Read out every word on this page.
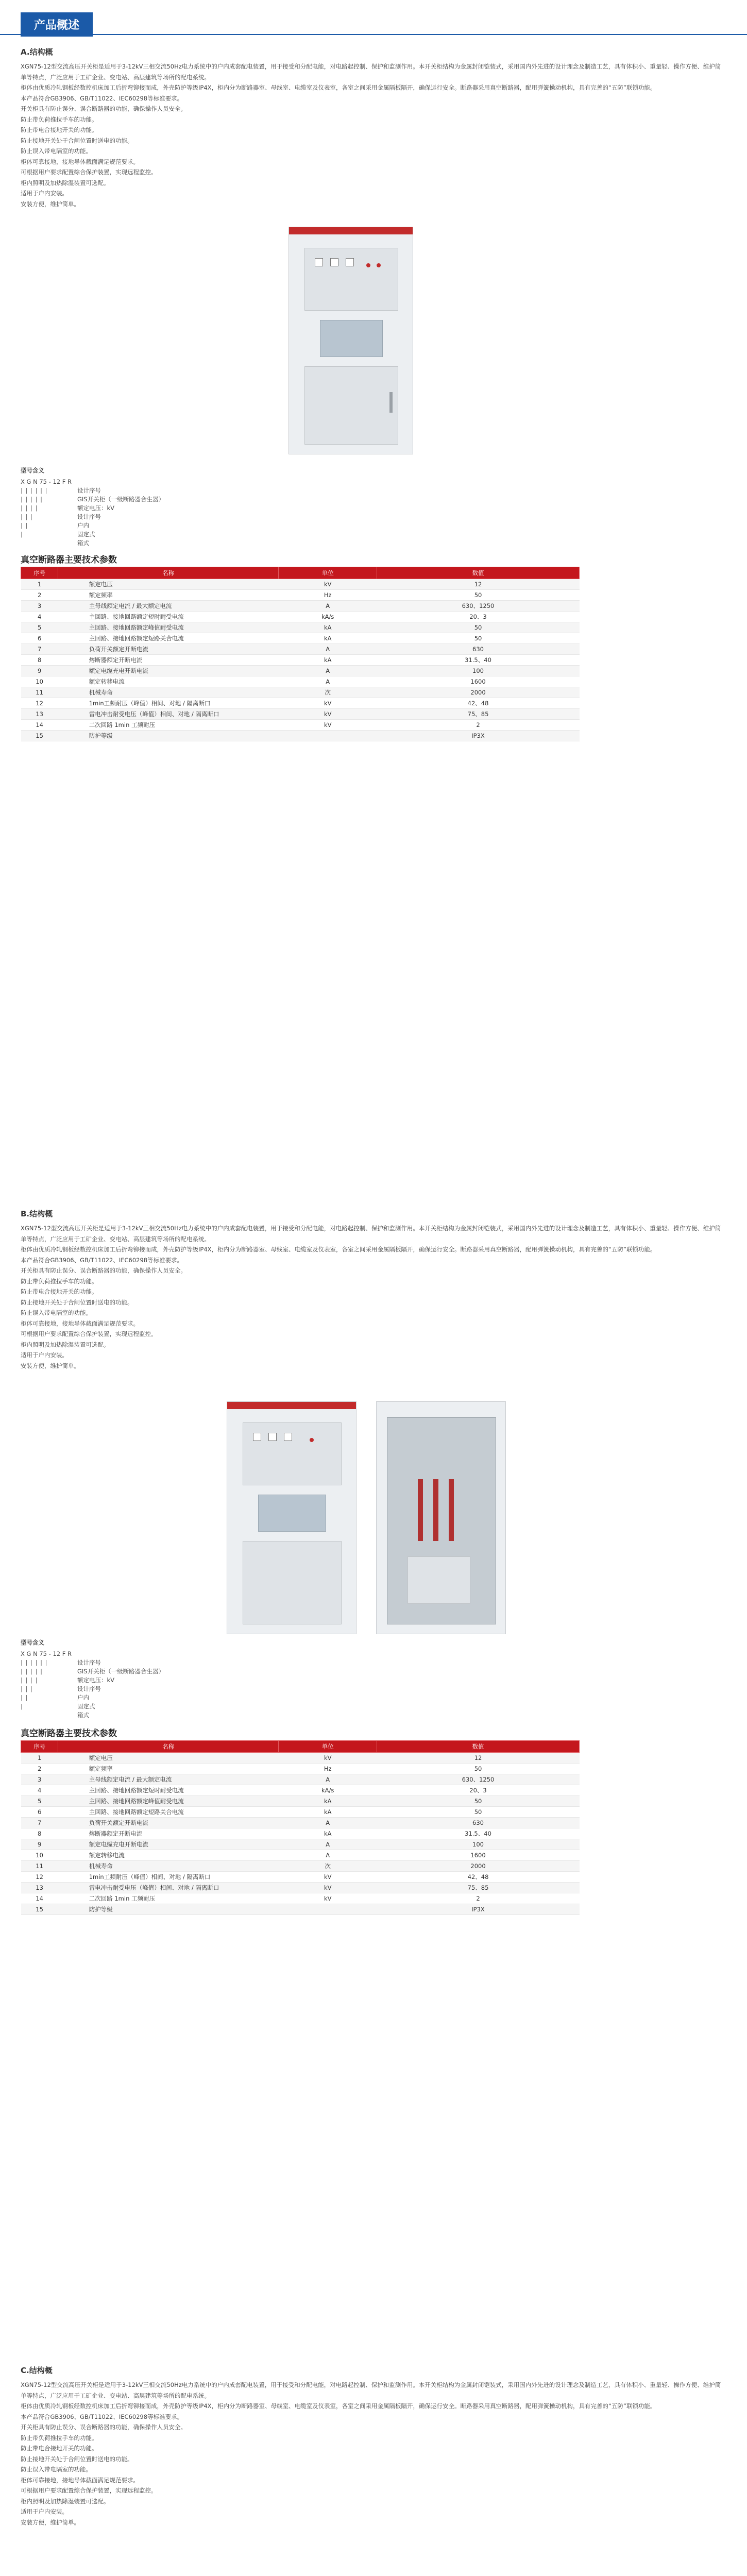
产品概述
A.结构概

XGN75-12型交流高压开关柜是适用于3-12kV三相交流50Hz电力系统中的户内成套配电装置，用于接受和分配电能，对电路起控制、保护和监测作用。本开关柜结构为金属封闭铠装式，采用国内外先进的设计理念及制造工艺，具有体积小、重量轻、操作方便、维护简单等特点，广泛应用于工矿企业、变电站、高层建筑等场所的配电系统。

柜体由优质冷轧钢板经数控机床加工后折弯铆接而成，外壳防护等级IP4X，柜内分为断路器室、母线室、电缆室及仪表室，各室之间采用金属隔板隔开，确保运行安全。断路器采用真空断路器，配用弹簧操动机构，具有完善的“五防”联锁功能。

本产品符合GB3906、GB/T11022、IEC60298等标准要求。

开关柜具有防止误分、误合断路器的功能，确保操作人员安全。

防止带负荷推拉手车的功能。

防止带电合接地开关的功能。

防止接地开关处于合闸位置时送电的功能。

防止误入带电隔室的功能。

柜体可靠接地，接地导体截面满足规范要求。

可根据用户要求配置综合保护装置，实现远程监控。

柜内照明及加热除湿装置可选配。

适用于户内安装。

安装方便，维护简单。

型号含义
X G N 75 - 12 F R
| | | | | |	设计序号
| | | | |	GIS开关柜（一级断路器合生器）
| | | |	额定电压：kV
| | |	设计序号
| |	户内
|	固定式
箱式
真空断路器主要技术参数
序号	名称	单位	数值
1	额定电压	kV	12
2	额定频率	Hz	50
3	主母线额定电流 / 最大额定电流	A	630、1250
4	主回路、接地回路额定短时耐受电流	kA/s	20、3
5	主回路、接地回路额定峰值耐受电流	kA	50
6	主回路、接地回路额定短路关合电流	kA	50
7	负荷开关额定开断电流	A	630
8	熔断器额定开断电流	kA	31.5、40
9	额定电缆充电开断电流	A	100
10	额定转移电流	A	1600
11	机械寿命	次	2000
12	1min工频耐压（峰值）相间、对地 / 隔离断口	kV	42、48
13	雷电冲击耐受电压（峰值）相间、对地 / 隔离断口	kV	75、85
14	二次回路 1min 工频耐压	kV	2
15	防护等级		IP3X
B.结构概

XGN75-12型交流高压开关柜是适用于3-12kV三相交流50Hz电力系统中的户内成套配电装置，用于接受和分配电能，对电路起控制、保护和监测作用。本开关柜结构为金属封闭铠装式，采用国内外先进的设计理念及制造工艺，具有体积小、重量轻、操作方便、维护简单等特点，广泛应用于工矿企业、变电站、高层建筑等场所的配电系统。

柜体由优质冷轧钢板经数控机床加工后折弯铆接而成，外壳防护等级IP4X，柜内分为断路器室、母线室、电缆室及仪表室，各室之间采用金属隔板隔开，确保运行安全。断路器采用真空断路器，配用弹簧操动机构，具有完善的“五防”联锁功能。

本产品符合GB3906、GB/T11022、IEC60298等标准要求。

开关柜具有防止误分、误合断路器的功能，确保操作人员安全。

防止带负荷推拉手车的功能。

防止带电合接地开关的功能。

防止接地开关处于合闸位置时送电的功能。

防止误入带电隔室的功能。

柜体可靠接地，接地导体截面满足规范要求。

可根据用户要求配置综合保护装置，实现远程监控。

柜内照明及加热除湿装置可选配。

适用于户内安装。

安装方便，维护简单。

型号含义
X G N 75 - 12 F R
| | | | | |	设计序号
| | | | |	GIS开关柜（一级断路器合生器）
| | | |	额定电压：kV
| | |	设计序号
| |	户内
|	固定式
箱式
真空断路器主要技术参数
序号	名称	单位	数值
1	额定电压	kV	12
2	额定频率	Hz	50
3	主母线额定电流 / 最大额定电流	A	630、1250
4	主回路、接地回路额定短时耐受电流	kA/s	20、3
5	主回路、接地回路额定峰值耐受电流	kA	50
6	主回路、接地回路额定短路关合电流	kA	50
7	负荷开关额定开断电流	A	630
8	熔断器额定开断电流	kA	31.5、40
9	额定电缆充电开断电流	A	100
10	额定转移电流	A	1600
11	机械寿命	次	2000
12	1min工频耐压（峰值）相间、对地 / 隔离断口	kV	42、48
13	雷电冲击耐受电压（峰值）相间、对地 / 隔离断口	kV	75、85
14	二次回路 1min 工频耐压	kV	2
15	防护等级		IP3X
C.结构概

XGN75-12型交流高压开关柜是适用于3-12kV三相交流50Hz电力系统中的户内成套配电装置，用于接受和分配电能，对电路起控制、保护和监测作用。本开关柜结构为金属封闭铠装式，采用国内外先进的设计理念及制造工艺，具有体积小、重量轻、操作方便、维护简单等特点，广泛应用于工矿企业、变电站、高层建筑等场所的配电系统。

柜体由优质冷轧钢板经数控机床加工后折弯铆接而成，外壳防护等级IP4X，柜内分为断路器室、母线室、电缆室及仪表室，各室之间采用金属隔板隔开，确保运行安全。断路器采用真空断路器，配用弹簧操动机构，具有完善的“五防”联锁功能。

本产品符合GB3906、GB/T11022、IEC60298等标准要求。

开关柜具有防止误分、误合断路器的功能，确保操作人员安全。

防止带负荷推拉手车的功能。

防止带电合接地开关的功能。

防止接地开关处于合闸位置时送电的功能。

防止误入带电隔室的功能。

柜体可靠接地，接地导体截面满足规范要求。

可根据用户要求配置综合保护装置，实现远程监控。

柜内照明及加热除湿装置可选配。

适用于户内安装。

安装方便，维护简单。
